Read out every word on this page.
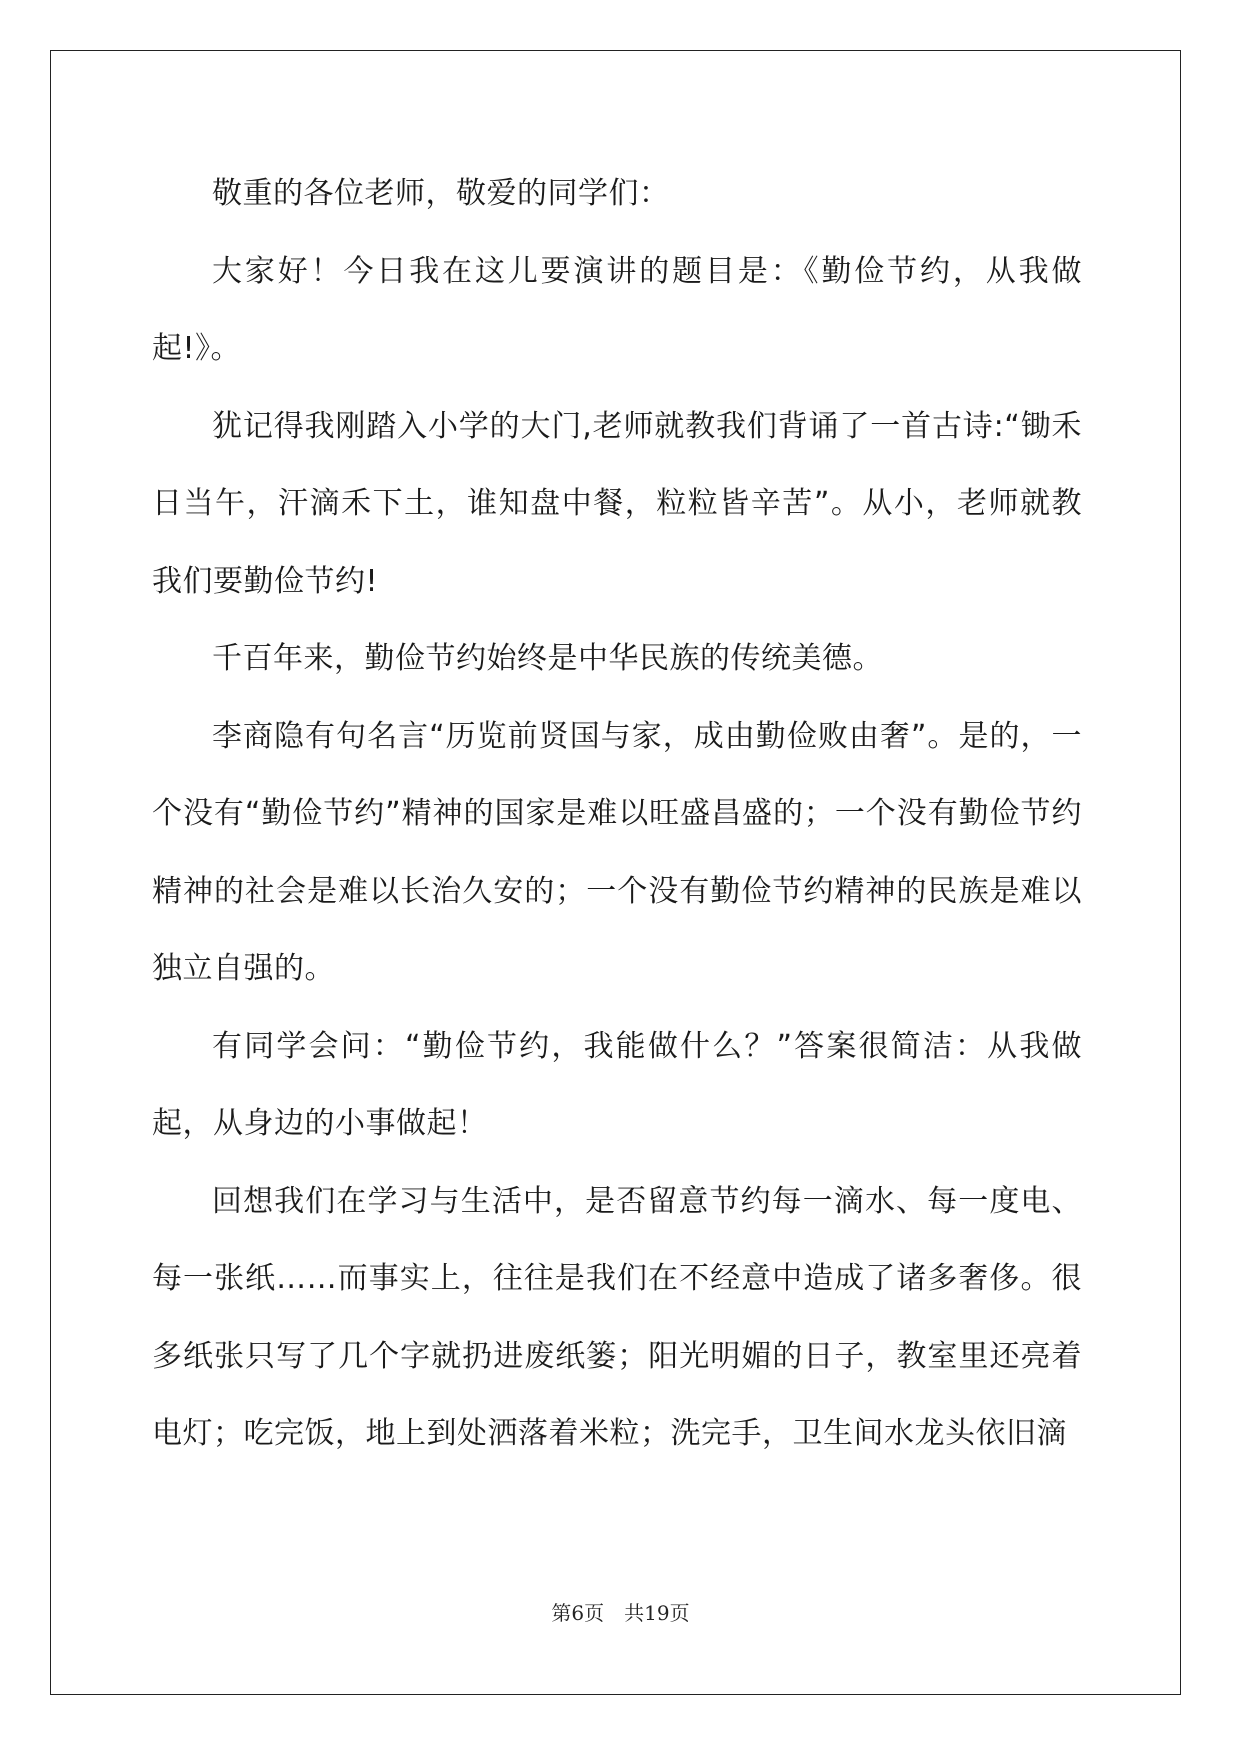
敬重的各位老师，敬爱的同学们：

大家好！今日我在这儿要演讲的题目是：《勤俭节约，从我做起!》。

犹记得我刚踏入小学的大门,老师就教我们背诵了一首古诗:“锄禾日当午，汗滴禾下土，谁知盘中餐，粒粒皆辛苦”。从小，老师就教我们要勤俭节约!

千百年来，勤俭节约始终是中华民族的传统美德。

李商隐有句名言“历览前贤国与家，成由勤俭败由奢”。是的，一个没有“勤俭节约”精神的国家是难以旺盛昌盛的；一个没有勤俭节约精神的社会是难以长治久安的；一个没有勤俭节约精神的民族是难以独立自强的。

有同学会问：“勤俭节约，我能做什么？”答案很简洁：从我做起，从身边的小事做起！

回想我们在学习与生活中，是否留意节约每一滴水、每一度电、每一张纸……而事实上，往往是我们在不经意中造成了诸多奢侈。很多纸张只写了几个字就扔进废纸篓；阳光明媚的日子，教室里还亮着电灯；吃完饭，地上到处洒落着米粒；洗完手，卫生间水龙头依旧滴

第6页　共19页
